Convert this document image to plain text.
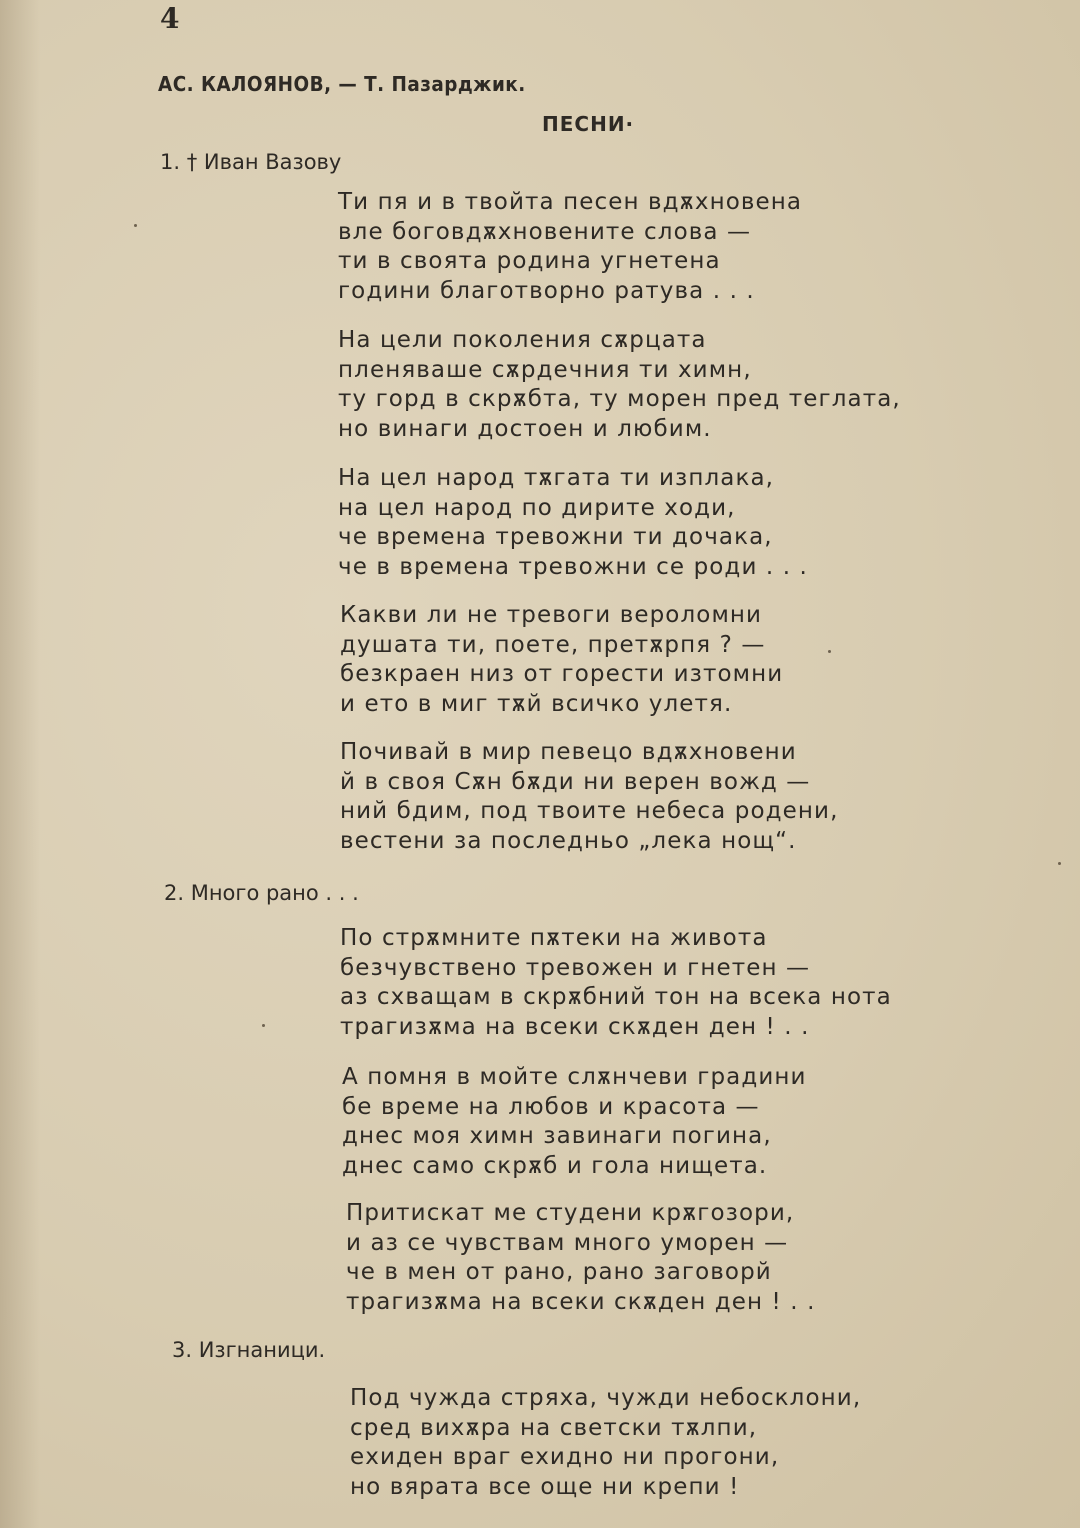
4
АС. КАЛОЯНОВ, — Т. Пазарджик.
ПЕСНИ·
1. † Иван Вазову
Ти пя и в твойта песен вдѫхновена
вле боговдѫхновените слова —
ти в своята родина угнетена
години благотворно ратува . . .
На цели поколения сѫрцата
пленяваше сѫрдечния ти химн,
ту горд в скрѫбта, ту морен пред теглата,
но винаги достоен и любим.
На цел народ тѫгата ти изплака,
на цел народ по дирите ходи,
че времена тревожни ти дочака,
че в времена тревожни се роди . . .
Какви ли не тревоги вероломни
душата ти, поете, претѫрпя ? —
безкраен низ от горести изтомни
и ето в миг тѫй всичко улетя.
Почивай в мир певецо вдѫхновени
й в своя Сѫн бѫди ни верен вожд —
ний бдим, под твоите небеса родени,
вестени за последньо „лека нощ“.
2. Много рано . . .
По стрѫмните пѫтеки на живота
безчувствено тревожен и гнетен —
аз схващам в скрѫбний тон на всека нота
трагизѫма на всеки скѫден ден ! . .
А помня в мойте слѫнчеви градини
бе време на любов и красота —
днес моя химн завинаги погина,
днес само скрѫб и гола нищета.
Притискат ме студени крѫгозори,
и аз се чувствам много уморен —
че в мен от рано, рано заговорй
трагизѫма на всеки скѫден ден ! . .
3. Изгнаници.
Под чужда стряха, чужди небосклони,
сред вихѫра на светски тѫлпи,
ехиден враг ехидно ни прогони,
но вярата все още ни крепи !
